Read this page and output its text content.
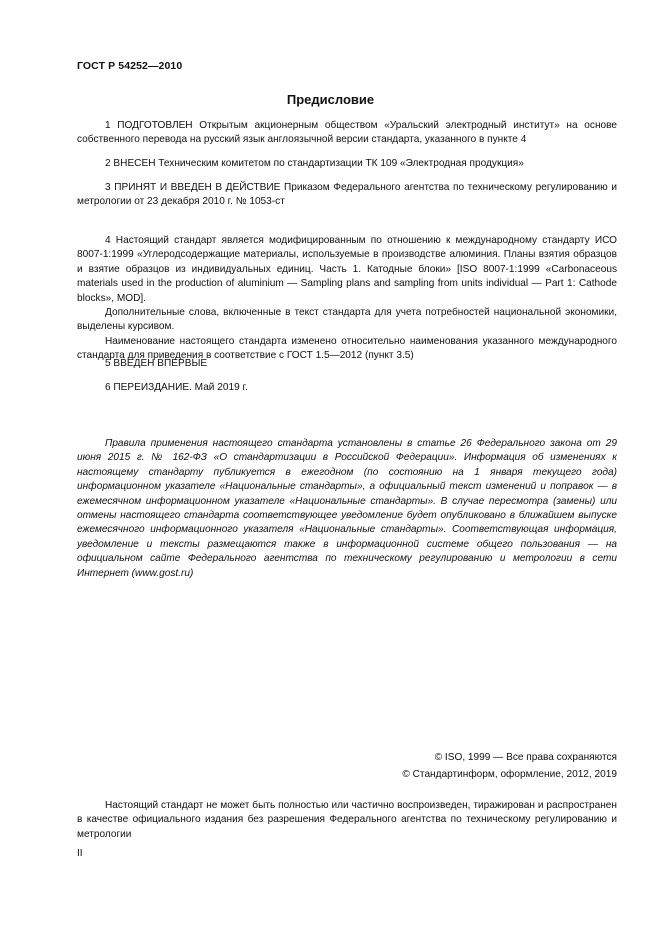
ГОСТ Р 54252—2010
Предисловие

1 ПОДГОТОВЛЕН Открытым акционерным обществом «Уральский электродный институт» на основе собственного перевода на русский язык англоязычной версии стандарта, указанного в пункте 4

2 ВНЕСЕН Техническим комитетом по стандартизации ТК 109 «Электродная продукция»

3 ПРИНЯТ И ВВЕДЕН В ДЕЙСТВИЕ Приказом Федерального агентства по техническому регулированию и метрологии от 23 декабря 2010 г. № 1053-ст

4 Настоящий стандарт является модифицированным по отношению к международному стандарту ИСО 8007-1:1999 «Углеродсодержащие материалы, используемые в производстве алюминия. Планы взятия образцов и взятие образцов из индивидуальных единиц. Часть 1. Катодные блоки» [ISO 8007-1:1999 «Carbonaceous materials used in the production of aluminium — Sampling plans and sampling from units individual — Part 1: Cathode blocks», MOD].

Дополнительные слова, включенные в текст стандарта для учета потребностей национальной экономики, выделены курсивом.

Наименование настоящего стандарта изменено относительно наименования указанного международного стандарта для приведения в соответствие с ГОСТ 1.5—2012 (пункт 3.5)

5 ВВЕДЕН ВПЕРВЫЕ

6 ПЕРЕИЗДАНИЕ. Май 2019 г.

Правила применения настоящего стандарта установлены в статье 26 Федерального закона от 29 июня 2015 г. № 162-ФЗ «О стандартизации в Российской Федерации». Информация об изменениях к настоящему стандарту публикуется в ежегодном (по состоянию на 1 января текущего года) информационном указателе «Национальные стандарты», а официальный текст изменений и поправок — в ежемесячном информационном указателе «Национальные стандарты». В случае пересмотра (замены) или отмены настоящего стандарта соответствующее уведомление будет опубликовано в ближайшем выпуске ежемесячного информационного указателя «Национальные стандарты». Соответствующая информация, уведомление и тексты размещаются также в информационной системе общего пользования — на официальном сайте Федерального агентства по техническому регулированию и метрологии в сети Интернет (www.gost.ru)

© ISO, 1999 — Все права сохраняются
© Стандартинформ, оформление, 2012, 2019

Настоящий стандарт не может быть полностью или частично воспроизведен, тиражирован и распространен в качестве официального издания без разрешения Федерального агентства по техническому регулированию и метрологии

II
